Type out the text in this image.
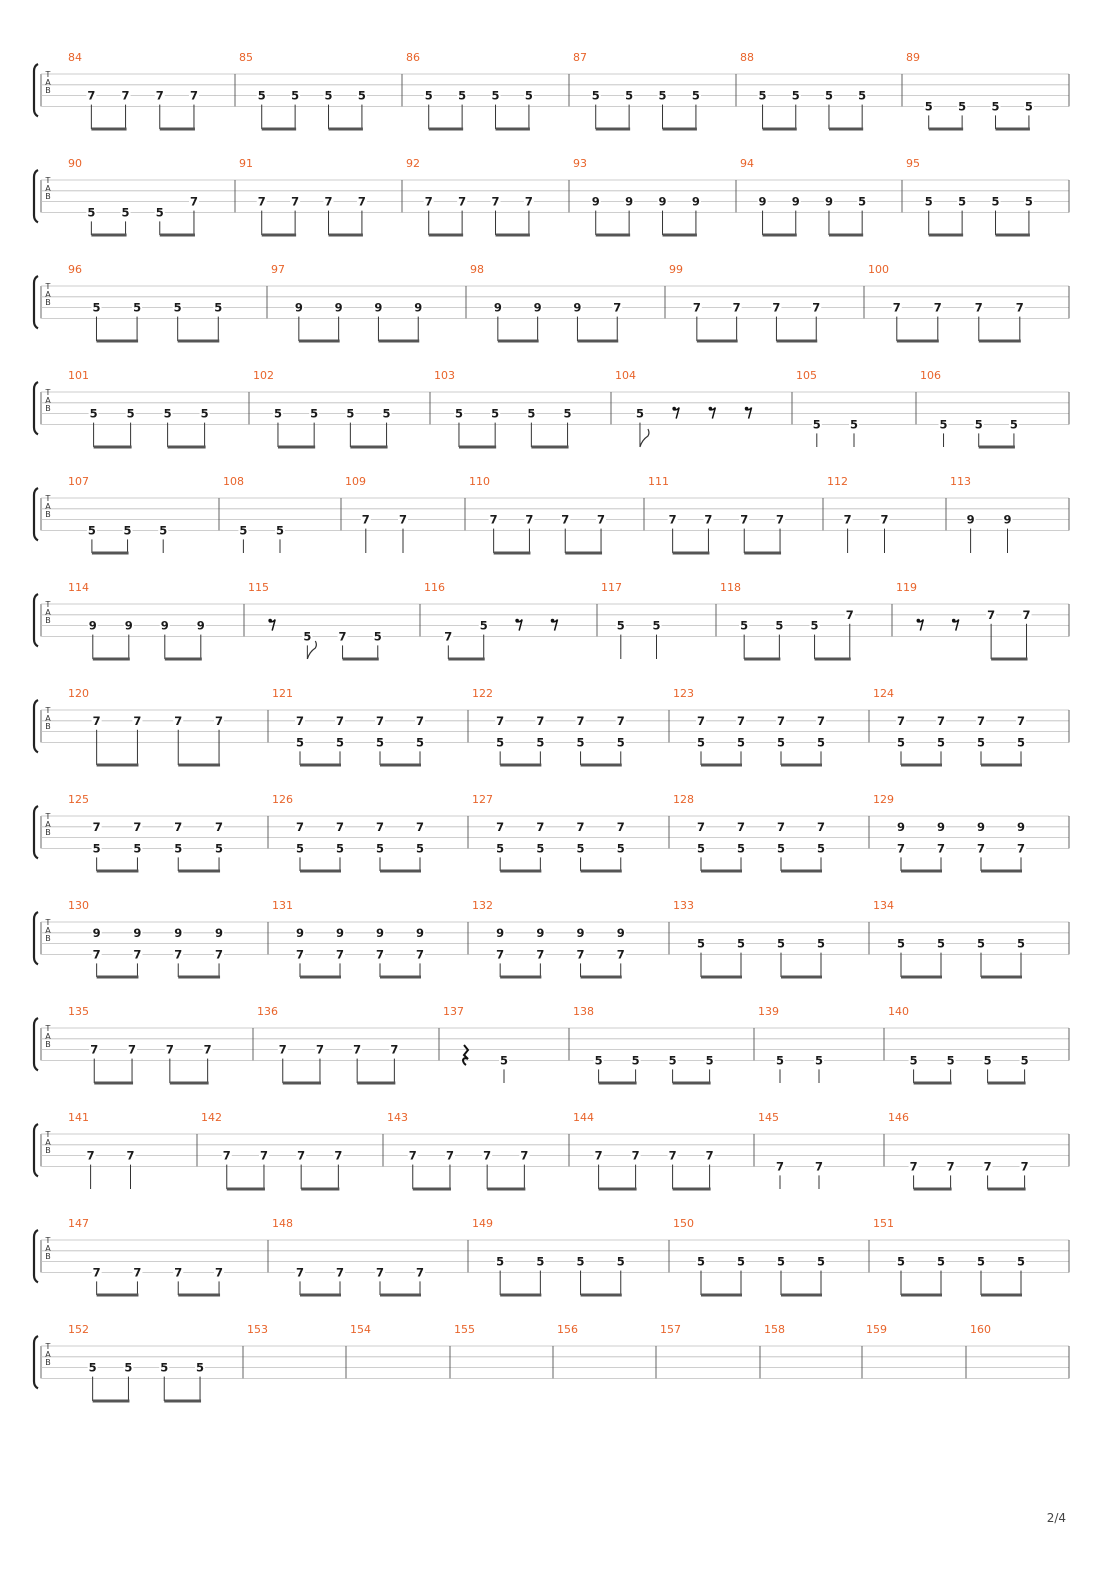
T
A
B
84
7 7 7 7
85
5 5 5 5
86
5 5 5 5
87
5 5 5 5
88
5 5 5 5
89
5 5 5 5
T
A
B
90
5 5 5
7
91
7 7 7 7
92
7 7 7 7
93
9 9 9 9
94
9 9 9 5
95
5 5 5 5
T
A
B
96
5	5	5	5
97
9	9	9	9
98
9	9	9	7
99
7	7	7	7
100
7	7	7	7
T
A
B
101
5	5	5	5
102
5 5 5 5
103
5 5 5 5
104
5
105
5	5
106
5 5 5
T
A
B
107
5 5 5
108
5 5
109
7	7
110
7 7 7 7
111
7 7 7 7
112
7	7
113
9	9
T
A
B
114
9 9 9 9
115
5 7 5
116
7
5
117
5 5
118
5 5 5
7
119
7 7
T
A
B
120
7	7	7	7
121
7
5
7
5
7
5
7
5
122
7
5
7
5
7
5
7
5
123
7
5
7
5
7
5
7
5
124
7
5
7
5
7
5
7
5
T
A
B
125
7
5
7
5
7
5
7
5
126
7
5
7
5
7
5
7
5
127
7
5
7
5
7
5
7
5
128
7
5
7
5
7
5
7
5
129
9
7
9
7
9
7
9
7
T
A
B
130
9
7
9
7
9
7
9
7
131
9
7
9
7
9
7
9
7
132
9
7
9
7
9
7
9
7
133
5	5	5	5
134
5	5	5	5
T
A
B
135
7	7	7	7
136
7	7	7	7
137
5
138
5	5	5	5
139
5	5
140
5	5	5	5
T
A
B
141
7	7
142
7	7	7	7
143
7	7	7	7
144
7	7	7	7
145
7	7
146
7	7	7	7
T
A
B
147
7	7	7	7
148
7	7	7	7
149
5	5	5	5
150
5	5	5	5
151
5	5	5	5
T
A
B
152
5 5 5 5
153	154	155	156	157	158	159	160
2/4
